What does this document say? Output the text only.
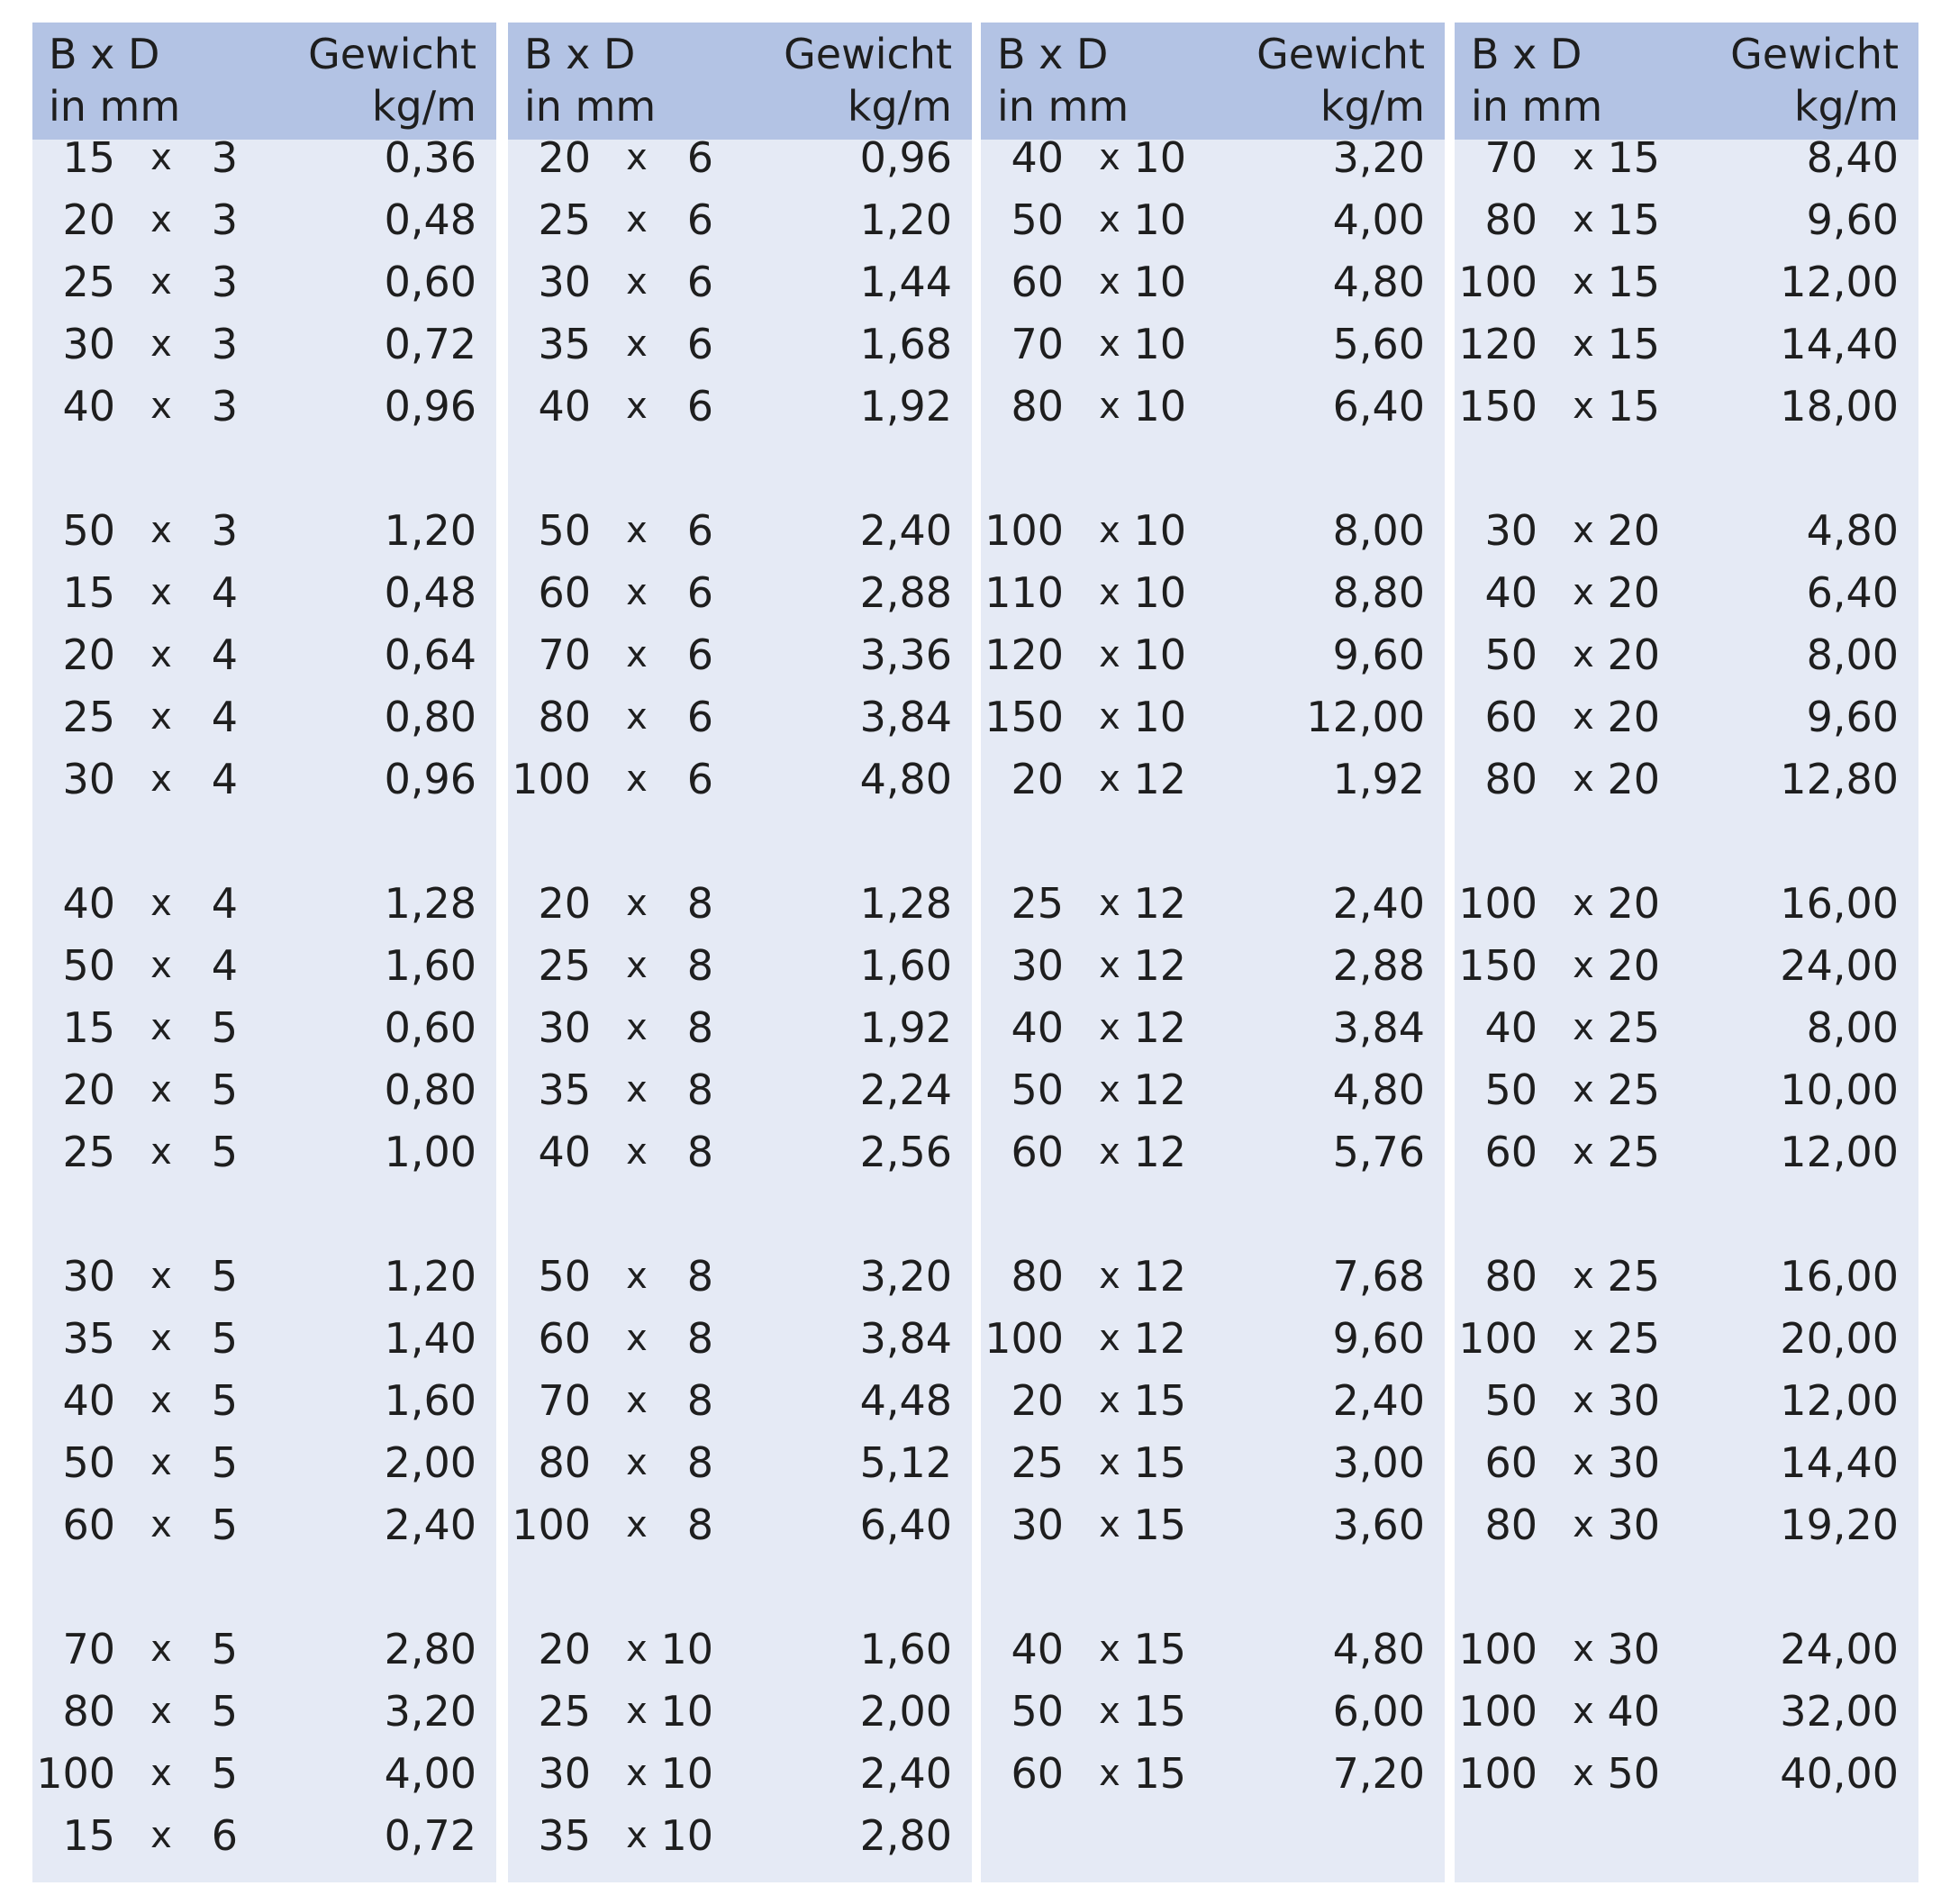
B x D
in mm
Gewicht
kg/m
15 x 3	0,36
20 x 3	0,48
25 x 3	0,60
30 x 3	0,72
40 x 3	0,96
50 x 3	1,20
15 x 4	0,48
20 x 4	0,64
25 x 4	0,80
30 x 4	0,96
40 x 4	1,28
50 x 4	1,60
15 x 5	0,60
20 x 5	0,80
25 x 5	1,00
30 x 5	1,20
35 x 5	1,40
40 x 5	1,60
50 x 5	2,00
60 x 5	2,40
70 x 5	2,80
80 x 5	3,20
100 x 5	4,00
15 x 6	0,72
B x D
in mm
Gewicht
kg/m
20 x 6	0,96
25 x 6	1,20
30 x 6	1,44
35 x 6	1,68
40 x 6	1,92
50 x 6	2,40
60 x 6	2,88
70 x 6	3,36
80 x 6	3,84
100 x 6	4,80
20 x 8	1,28
25 x 8	1,60
30 x 8	1,92
35 x 8	2,24
40 x 8	2,56
50 x 8	3,20
60 x 8	3,84
70 x 8	4,48
80 x 8	5,12
100 x 8	6,40
20 x 10	1,60
25 x 10	2,00
30 x 10	2,40
35 x 10	2,80
B x D
in mm
Gewicht
kg/m
40 x 10	3,20
50 x 10	4,00
60 x 10	4,80
70 x 10	5,60
80 x 10	6,40
100 x 10	8,00
110 x 10	8,80
120 x 10	9,60
150 x 10	12,00
20 x 12	1,92
25 x 12	2,40
30 x 12	2,88
40 x 12	3,84
50 x 12	4,80
60 x 12	5,76
80 x 12	7,68
100 x 12	9,60
20 x 15	2,40
25 x 15	3,00
30 x 15	3,60
40 x 15	4,80
50 x 15	6,00
60 x 15	7,20
B x D
in mm
Gewicht
kg/m
70 x 15	8,40
80 x 15	9,60
100 x 15	12,00
120 x 15	14,40
150 x 15	18,00
30 x 20	4,80
40 x 20	6,40
50 x 20	8,00
60 x 20	9,60
80 x 20	12,80
100 x 20	16,00
150 x 20	24,00
40 x 25	8,00
50 x 25	10,00
60 x 25	12,00
80 x 25	16,00
100 x 25	20,00
50 x 30	12,00
60 x 30	14,40
80 x 30	19,20
100 x 30	24,00
100 x 40	32,00
100 x 50	40,00
